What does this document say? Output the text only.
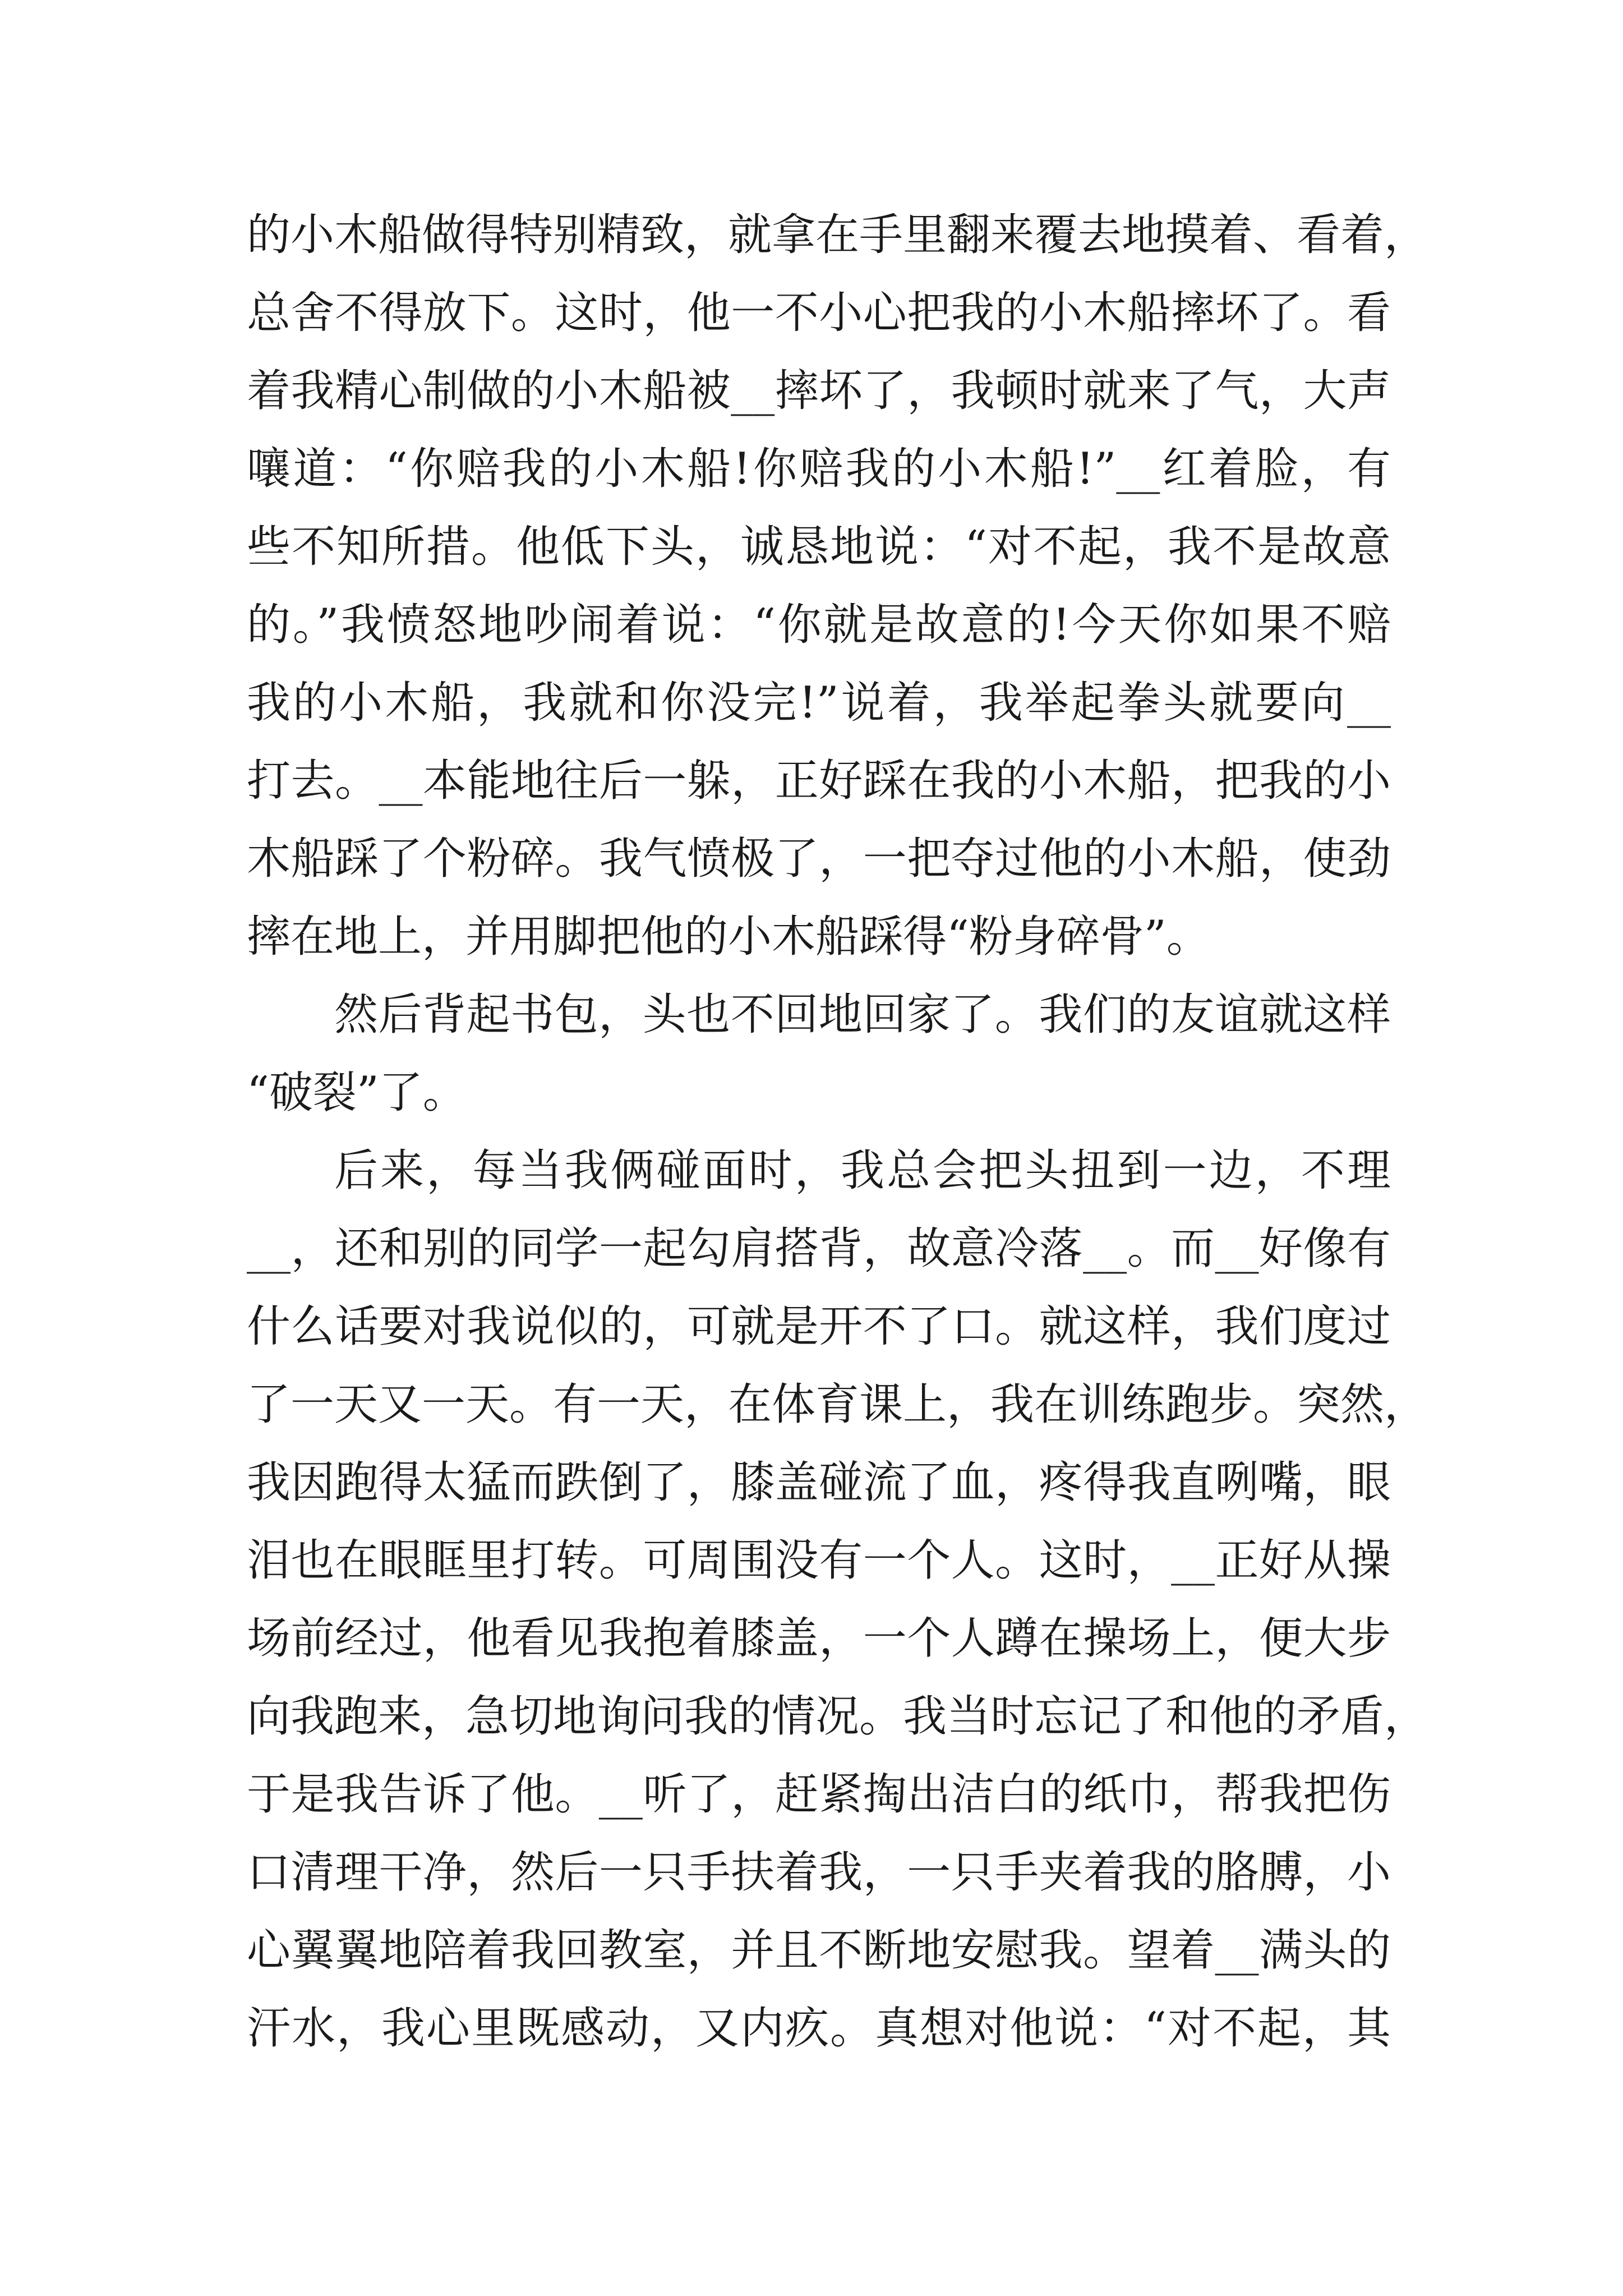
的小木船做得特别精致，就拿在手里翻来覆去地摸着、看着，
总舍不得放下。这时，他一不小心把我的小木船摔坏了。看
着我精心制做的小木船被__摔坏了，我顿时就来了气，大声
嚷道：“你赔我的小木船!你赔我的小木船!”__红着脸，有
些不知所措。他低下头，诚恳地说：“对不起，我不是故意
的。”我愤怒地吵闹着说：“你就是故意的!今天你如果不赔
我的小木船，我就和你没完!”说着，我举起拳头就要向__
打去。__本能地往后一躲，正好踩在我的小木船，把我的小
木船踩了个粉碎。我气愤极了，一把夺过他的小木船，使劲
摔在地上，并用脚把他的小木船踩得“粉身碎骨”。
然后背起书包，头也不回地回家了。我们的友谊就这样
“破裂”了。
后来，每当我俩碰面时，我总会把头扭到一边，不理
__，还和别的同学一起勾肩搭背，故意冷落__。而__好像有
什么话要对我说似的，可就是开不了口。就这样，我们度过
了一天又一天。有一天，在体育课上，我在训练跑步。突然，
我因跑得太猛而跌倒了，膝盖碰流了血，疼得我直咧嘴，眼
泪也在眼眶里打转。可周围没有一个人。这时，__正好从操
场前经过，他看见我抱着膝盖，一个人蹲在操场上，便大步
向我跑来，急切地询问我的情况。我当时忘记了和他的矛盾，
于是我告诉了他。__听了，赶紧掏出洁白的纸巾，帮我把伤
口清理干净，然后一只手扶着我，一只手夹着我的胳膊，小
心翼翼地陪着我回教室，并且不断地安慰我。望着__满头的
汗水，我心里既感动，又内疚。真想对他说：“对不起，其
